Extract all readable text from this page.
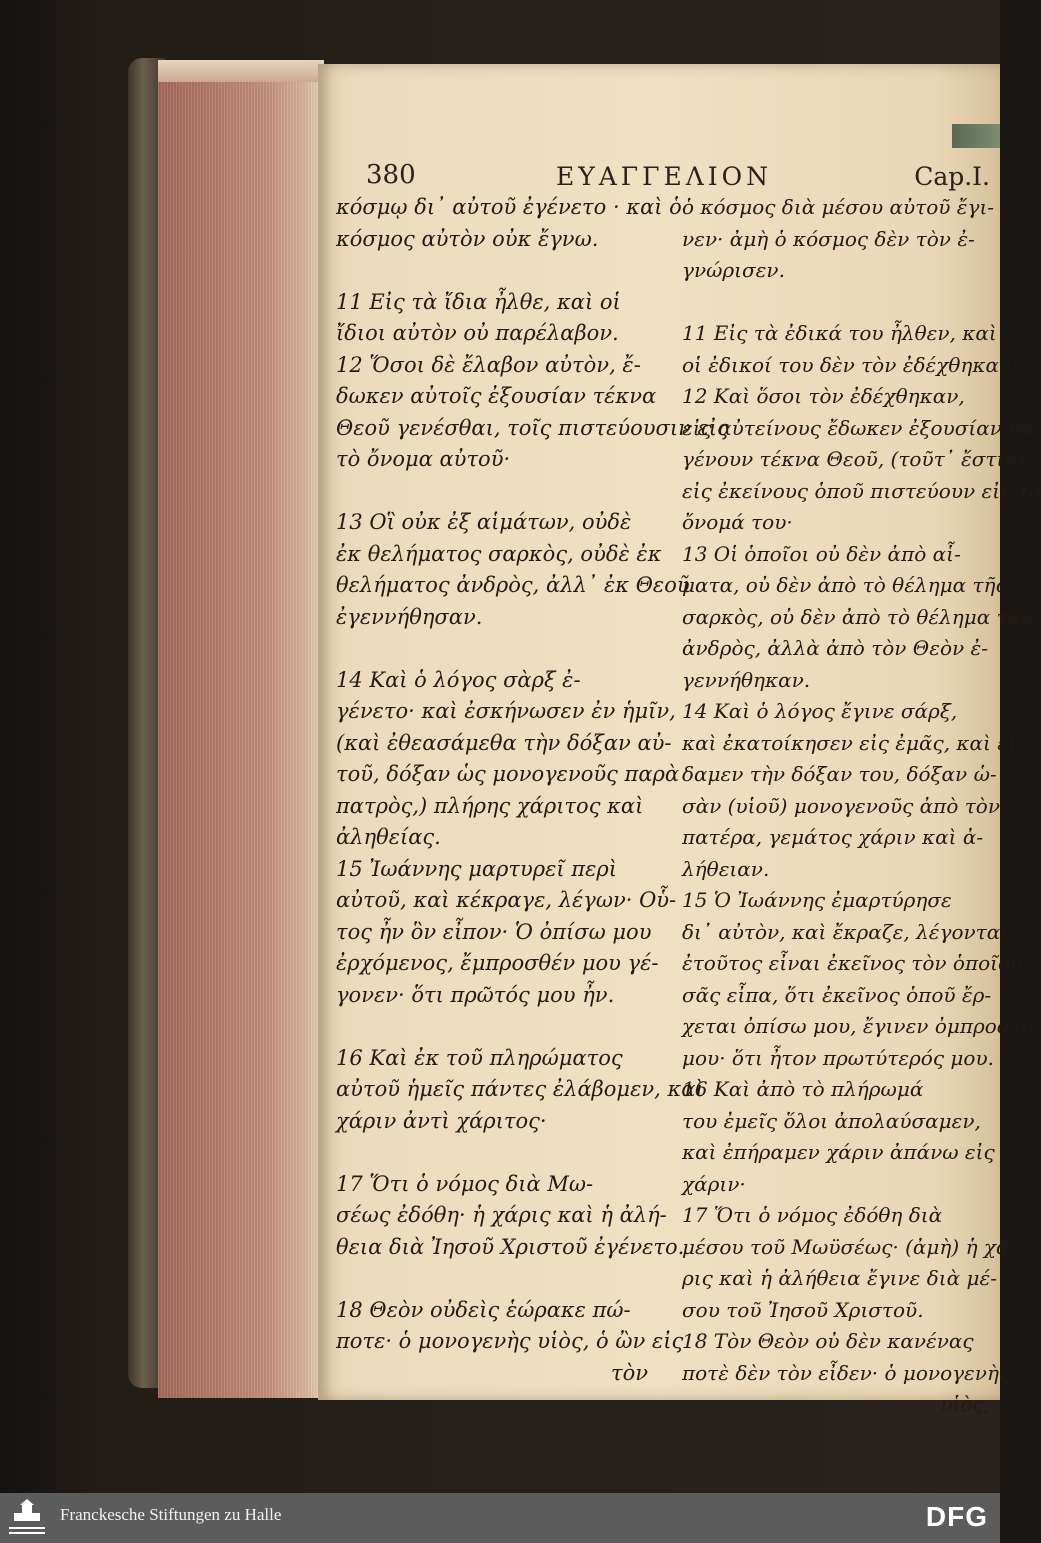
380	ΕΥΑΓΓΕΛΙΟΝ	Cap.I.
κόσμῳ δι᾽ αὐτοῦ ἐγένετο · καὶ ὁ
κόσμος αὐτὸν οὐκ ἔγνω.
11 Εἰς τὰ ἴδια ἦλθε, καὶ οἱ
ἴδιοι αὐτὸν οὐ παρέλαβον.
12 Ὅσοι δὲ ἔλαβον αὐτὸν, ἔ-
δωκεν αὐτοῖς ἐξουσίαν τέκνα
Θεοῦ γενέσθαι, τοῖς πιστεύουσιν εἰς
τὸ ὄνομα αὐτοῦ·
13 Οἳ οὐκ ἐξ αἱμάτων, οὐδὲ
ἐκ θελήματος σαρκὸς, οὐδὲ ἐκ
θελήματος ἀνδρὸς, ἀλλ᾽ ἐκ Θεοῦ
ἐγεννήθησαν.
14 Καὶ ὁ λόγος σὰρξ ἐ-
γένετο· καὶ ἐσκήνωσεν ἐν ἡμῖν,
(καὶ ἐθεασάμεθα τὴν δόξαν αὐ-
τοῦ, δόξαν ὡς μονογενοῦς παρὰ
πατρὸς,) πλήρης χάριτος καὶ
ἀληθείας.
15 Ἰωάννης μαρτυρεῖ περὶ
αὐτοῦ, καὶ κέκραγε, λέγων· Οὗ-
τος ἦν ὃν εἶπον· Ὁ ὀπίσω μου
ἐρχόμενος, ἔμπροσθέν μου γέ-
γονεν· ὅτι πρῶτός μου ἦν.
16 Καὶ ἐκ τοῦ πληρώματος
αὐτοῦ ἡμεῖς πάντες ἐλάβομεν, καὶ
χάριν ἀντὶ χάριτος·
17 Ὅτι ὁ νόμος διὰ Μω-
σέως ἐδόθη· ἡ χάρις καὶ ἡ ἀλή-
θεια διὰ Ἰησοῦ Χριστοῦ ἐγένετο.
18 Θεὸν οὐδεὶς ἑώρακε πώ-
ποτε· ὁ μονογενὴς υἱὸς, ὁ ὢν εἰς
τὸν
ὁ κόσμος διὰ μέσου αὐτοῦ ἔγι-
νεν· ἀμὴ ὁ κόσμος δὲν τὸν ἐ-
γνώρισεν.
11 Εἰς τὰ ἐδικά του ἦλθεν, καὶ
οἱ ἐδικοί του δὲν τὸν ἐδέχθηκαν·
12 Καὶ ὅσοι τὸν ἐδέχθηκαν,
εἰς αὐτείνους ἔδωκεν ἐξουσίαν νὰ
γένουν τέκνα Θεοῦ, (τοῦτ᾽ ἔστιν)
εἰς ἐκείνους ὁποῦ πιστεύουν εἰς τὸ
ὄνομά του·
13 Οἱ ὁποῖοι οὐ δὲν ἀπὸ αἷ-
ματα, οὐ δὲν ἀπὸ τὸ θέλημα τῆς
σαρκὸς, οὐ δὲν ἀπὸ τὸ θέλημα τοῦ
ἀνδρὸς, ἀλλὰ ἀπὸ τὸν Θεὸν ἐ-
γεννήθηκαν.
14 Καὶ ὁ λόγος ἔγινε σάρξ,
καὶ ἐκατοίκησεν εἰς ἐμᾶς, καὶ εἴ-
δαμεν τὴν δόξαν του, δόξαν ὡ-
σὰν (υἱοῦ) μονογενοῦς ἀπὸ τὸν
πατέρα, γεμάτος χάριν καὶ ἀ-
λήθειαν.
15 Ὁ Ἰωάννης ἐμαρτύρησε
δι᾽ αὐτὸν, καὶ ἔκραζε, λέγοντας·
ἐτοῦτος εἶναι ἐκεῖνος τὸν ὁποῖον
σᾶς εἶπα, ὅτι ἐκεῖνος ὁποῦ ἔρ-
χεται ὀπίσω μου, ἔγινεν ὀμπροστά
μου· ὅτι ἦτον πρωτύτερός μου.
16 Καὶ ἀπὸ τὸ πλήρωμά
του ἐμεῖς ὅλοι ἀπολαύσαμεν,
καὶ ἐπήραμεν χάριν ἀπάνω εἰς
χάριν·
17 Ὅτι ὁ νόμος ἐδόθη διὰ
μέσου τοῦ Μωϋσέως· (ἀμὴ) ἡ χά-
ρις καὶ ἡ ἀλήθεια ἔγινε διὰ μέ-
σου τοῦ Ἰησοῦ Χριστοῦ.
18 Τὸν Θεὸν οὐ δὲν κανένας
ποτὲ δὲν τὸν εἶδεν· ὁ μονογενὴς
υἱὸς,
Franckesche Stiftungen zu Halle	DFG
